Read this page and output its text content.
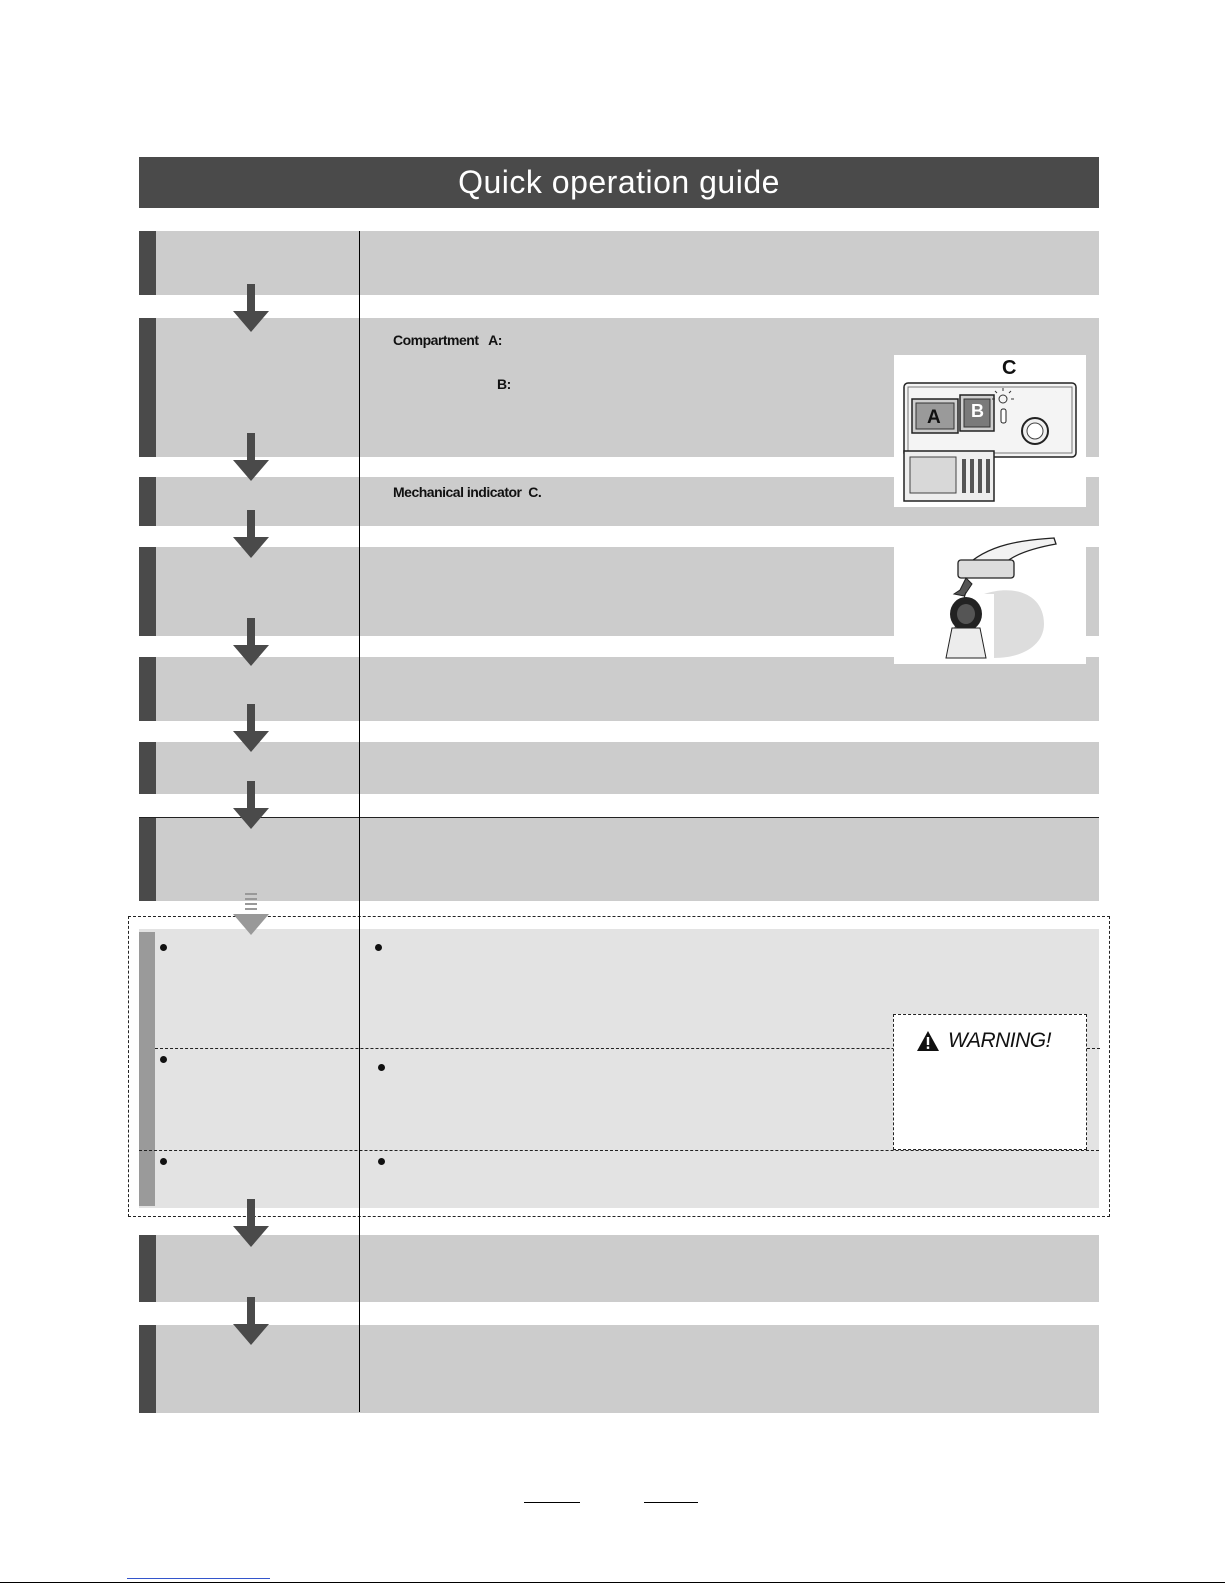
Quick operation guide
Compartment A:
B:
Mechanical indicator C.
A B
C
WARNING!
